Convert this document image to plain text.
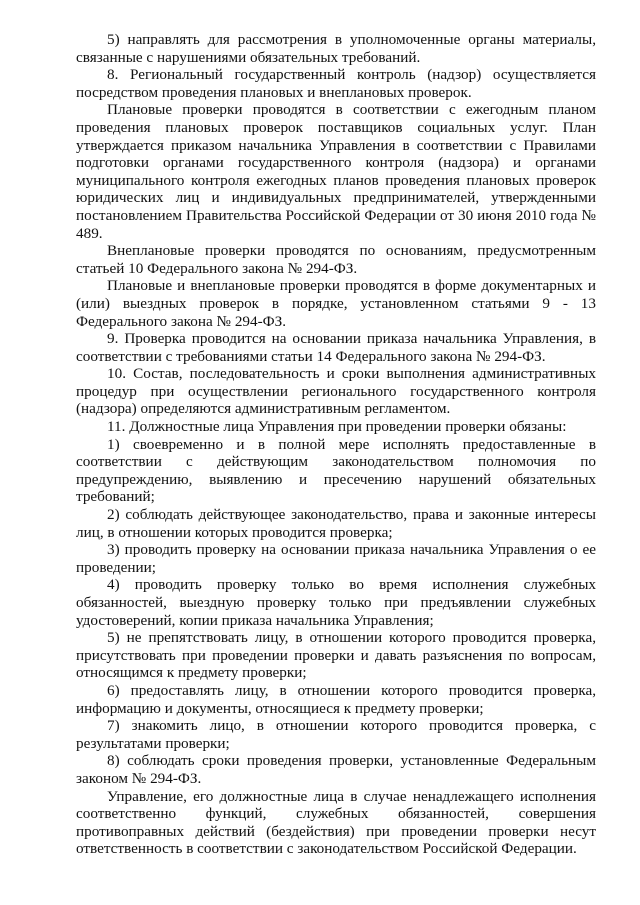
5) направлять для рассмотрения в уполномоченные органы материалы, связанные с нарушениями обязательных требований.

8. Региональный государственный контроль (надзор) осуществляется посредством проведения плановых и внеплановых проверок.

Плановые проверки проводятся в соответствии с ежегодным планом проведения плановых проверок поставщиков социальных услуг. План утверждается приказом начальника Управления в соответствии с Правилами подготовки органами государственного контроля (надзора) и органами муниципального контроля ежегодных планов проведения плановых проверок юридических лиц и индивидуальных предпринимателей, утвержденными постановлением Правительства Российской Федерации от 30 июня 2010 года № 489.

Внеплановые проверки проводятся по основаниям, предусмотренным статьей 10 Федерального закона № 294-ФЗ.

Плановые и внеплановые проверки проводятся в форме документарных и (или) выездных проверок в порядке, установленном статьями 9 - 13 Федерального закона № 294-ФЗ.

9. Проверка проводится на основании приказа начальника Управления, в соответствии с требованиями статьи 14 Федерального закона № 294-ФЗ.

10. Состав, последовательность и сроки выполнения административных процедур при осуществлении регионального государственного контроля (надзора) определяются административным регламентом.

11. Должностные лица Управления при проведении проверки обязаны:

1) своевременно и в полной мере исполнять предоставленные в соответствии с действующим законодательством полномочия по предупреждению, выявлению и пресечению нарушений обязательных требований;

2) соблюдать действующее законодательство, права и законные интересы лиц, в отношении которых проводится проверка;

3) проводить проверку на основании приказа начальника Управления о ее проведении;

4) проводить проверку только во время исполнения служебных обязанностей, выездную проверку только при предъявлении служебных удостоверений, копии приказа начальника Управления;

5) не препятствовать лицу, в отношении которого проводится проверка, присутствовать при проведении проверки и давать разъяснения по вопросам, относящимся к предмету проверки;

6) предоставлять лицу, в отношении которого проводится проверка, информацию и документы, относящиеся к предмету проверки;

7) знакомить лицо, в отношении которого проводится проверка, с результатами проверки;

8) соблюдать сроки проведения проверки, установленные Федеральным законом № 294-ФЗ.

Управление, его должностные лица в случае ненадлежащего исполнения соответственно функций, служебных обязанностей, совершения противоправных действий (бездействия) при проведении проверки несут ответственность в соответствии с законодательством Российской Федерации.
